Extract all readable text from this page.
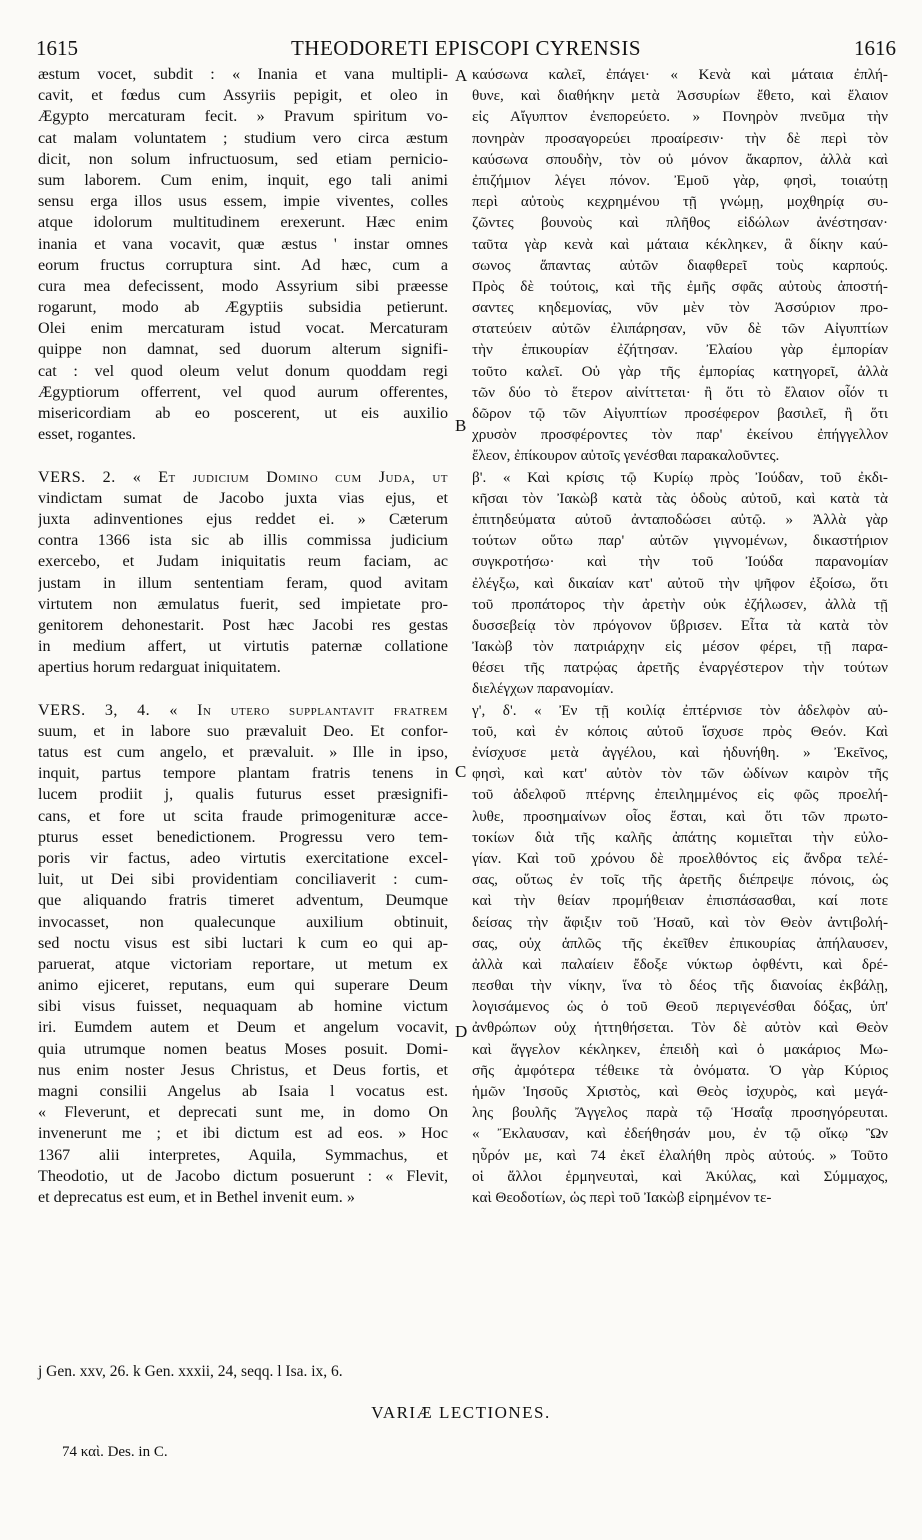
1615	THEODORETI EPISCOPI CYRENSIS	1616
æstum vocet, subdit : « Inania et vana multipli-
cavit, et fœdus cum Assyriis pepigit, et oleo in
Ægypto mercaturam fecit. » Pravum spiritum vo-
cat malam voluntatem ; studium vero circa æstum
dicit, non solum infructuosum, sed etiam pernicio-
sum laborem. Cum enim, inquit, ego tali animi
sensu erga illos usus essem, impie viventes, colles
atque idolorum multitudinem erexerunt. Hæc enim
inania et vana vocavit, quæ æstus ' instar omnes
eorum fructus corruptura sint. Ad hæc, cum a
cura mea defecissent, modo Assyrium sibi præesse
rogarunt, modo ab Ægyptiis subsidia petierunt.
Olei enim mercaturam istud vocat. Mercaturam
quippe non damnat, sed duorum alterum signifi-
cat : vel quod oleum velut donum quoddam regi
Ægyptiorum offerrent, vel quod aurum offerentes,
misericordiam ab eo poscerent, ut eis auxilio
esset, rogantes.
VERS. 2. « Et judicium Domino cum Juda, ut
vindictam sumat de Jacobo juxta vias ejus, et
juxta adinventiones ejus reddet ei. » Cæterum
contra 1366 ista sic ab illis commissa judicium
exercebo, et Judam iniquitatis reum faciam, ac
justam in illum sententiam feram, quod avitam
virtutem non æmulatus fuerit, sed impietate pro-
genitorem dehonestarit. Post hæc Jacobi res gestas
in medium affert, ut virtutis paternæ collatione
apertius horum redarguat iniquitatem.
VERS. 3, 4. « In utero supplantavit fratrem
suum, et in labore suo prævaluit Deo. Et confor-
tatus est cum angelo, et prævaluit. » Ille in ipso,
inquit, partus tempore plantam fratris tenens in
lucem prodiit j, qualis futurus esset præsignifi-
cans, et fore ut scita fraude primogenituræ acce-
pturus esset benedictionem. Progressu vero tem-
poris vir factus, adeo virtutis exercitatione excel-
luit, ut Dei sibi providentiam conciliaverit : cum-
que aliquando fratris timeret adventum, Deumque
invocasset, non qualecunque auxilium obtinuit,
sed noctu visus est sibi luctari k cum eo qui ap-
paruerat, atque victoriam reportare, ut metum ex
animo ejiceret, reputans, eum qui superare Deum
sibi visus fuisset, nequaquam ab homine victum
iri. Eumdem autem et Deum et angelum vocavit,
quia utrumque nomen beatus Moses posuit. Domi-
nus enim noster Jesus Christus, et Deus fortis, et
magni consilii Angelus ab Isaia l vocatus est.
« Fleverunt, et deprecati sunt me, in domo On
invenerunt me ; et ibi dictum est ad eos. » Hoc
1367 alii interpretes, Aquila, Symmachus, et
Theodotio, ut de Jacobo dictum posuerunt : « Flevit,
et deprecatus est eum, et in Bethel invenit eum. »
καύσωνα καλεῖ, ἐπάγει· « Κενὰ καὶ μάταια ἐπλή-
θυνε, καὶ διαθήκην μετὰ Ἀσσυρίων ἔθετο, καὶ ἔλαιον
εἰς Αἴγυπτον ἐνεπορεύετο. » Πονηρὸν πνεῦμα τὴν
πονηρὰν προσαγορεύει προαίρεσιν· τὴν δὲ περὶ τὸν
καύσωνα σπουδὴν, τὸν οὐ μόνον ἄκαρπον, ἀλλὰ καὶ
ἐπιζήμιον λέγει πόνον. Ἐμοῦ γὰρ, φησὶ, τοιαύτῃ
περὶ αὐτοὺς κεχρημένου τῇ γνώμῃ, μοχθηρίᾳ συ-
ζῶντες βουνοὺς καὶ πλῆθος εἰδώλων ἀνέστησαν·
ταῦτα γὰρ κενὰ καὶ μάταια κέκληκεν, ἃ δίκην καύ-
σωνος ἅπαντας αὐτῶν διαφθερεῖ τοὺς καρπούς.
Πρὸς δὲ τούτοις, καὶ τῆς ἐμῆς σφᾶς αὐτοὺς ἀποστή-
σαντες κηδεμονίας, νῦν μὲν τὸν Ἀσσύριον προ-
στατεύειν αὐτῶν ἐλιπάρησαν, νῦν δὲ τῶν Αἰγυπτίων
τὴν ἐπικουρίαν ἐζήτησαν. Ἐλαίου γὰρ ἐμπορίαν
τοῦτο καλεῖ. Οὐ γὰρ τῆς ἐμπορίας κατηγορεῖ, ἀλλὰ
τῶν δύο τὸ ἕτερον αἰνίττεται· ἢ ὅτι τὸ ἔλαιον οἷόν τι
δῶρον τῷ τῶν Αἰγυπτίων προσέφερον βασιλεῖ, ἢ ὅτι
χρυσὸν προσφέροντες τὸν παρ' ἐκείνου ἐπήγγελλον
ἔλεον, ἐπίκουρον αὐτοῖς γενέσθαι παρακαλοῦντες.
β'. « Καὶ κρίσις τῷ Κυρίῳ πρὸς Ἰούδαν, τοῦ ἐκδι-
κῆσαι τὸν Ἰακὼβ κατὰ τὰς ὁδοὺς αὐτοῦ, καὶ κατὰ τὰ
ἐπιτηδεύματα αὐτοῦ ἀνταποδώσει αὐτῷ. » Ἀλλὰ γὰρ
τούτων οὕτω παρ' αὐτῶν γιγνομένων, δικαστήριον
συγκροτήσω· καὶ τὴν τοῦ Ἰούδα παρανομίαν
ἐλέγξω, καὶ δικαίαν κατ' αὐτοῦ τὴν ψῆφον ἐξοίσω, ὅτι
τοῦ προπάτορος τὴν ἀρετὴν οὐκ ἐζήλωσεν, ἀλλὰ τῇ
δυσσεβείᾳ τὸν πρόγονον ὕβρισεν. Εἶτα τὰ κατὰ τὸν
Ἰακὼβ τὸν πατριάρχην εἰς μέσον φέρει, τῇ παρα-
θέσει τῆς πατρῴας ἀρετῆς ἐναργέστερον τὴν τούτων
διελέγχων παρανομίαν.
γ', δ'. « Ἐν τῇ κοιλίᾳ ἐπτέρνισε τὸν ἀδελφὸν αὐ-
τοῦ, καὶ ἐν κόποις αὐτοῦ ἴσχυσε πρὸς Θεόν. Καὶ
ἐνίσχυσε μετὰ ἀγγέλου, καὶ ἠδυνήθη. » Ἐκεῖνος,
φησὶ, καὶ κατ' αὐτὸν τὸν τῶν ὠδίνων καιρὸν τῆς
τοῦ ἀδελφοῦ πτέρνης ἐπειλημμένος εἰς φῶς προελή-
λυθε, προσημαίνων οἷος ἔσται, καὶ ὅτι τῶν πρωτο-
τοκίων διὰ τῆς καλῆς ἀπάτης κομιεῖται τὴν εὐλο-
γίαν. Καὶ τοῦ χρόνου δὲ προελθόντος εἰς ἄνδρα τελέ-
σας, οὕτως ἐν τοῖς τῆς ἀρετῆς διέπρεψε πόνοις, ὡς
καὶ τὴν θείαν προμήθειαν ἐπισπάσασθαι, καί ποτε
δείσας τὴν ἄφιξιν τοῦ Ἠσαῦ, καὶ τὸν Θεὸν ἀντιβολή-
σας, οὐχ ἁπλῶς τῆς ἐκεῖθεν ἐπικουρίας ἀπήλαυσεν,
ἀλλὰ καὶ παλαίειν ἔδοξε νύκτωρ ὀφθέντι, καὶ δρέ-
πεσθαι τὴν νίκην, ἵνα τὸ δέος τῆς διανοίας ἐκβάλῃ,
λογισάμενος ὡς ὁ τοῦ Θεοῦ περιγενέσθαι δόξας, ὑπ'
ἀνθρώπων οὐχ ἡττηθήσεται. Τὸν δὲ αὐτὸν καὶ Θεὸν
καὶ ἄγγελον κέκληκεν, ἐπειδὴ καὶ ὁ μακάριος Μω-
σῆς ἀμφότερα τέθεικε τὰ ὀνόματα. Ὁ γὰρ Κύριος
ἡμῶν Ἰησοῦς Χριστὸς, καὶ Θεὸς ἰσχυρὸς, καὶ μεγά-
λης βουλῆς Ἄγγελος παρὰ τῷ Ἡσαΐᾳ προσηγόρευται.
« Ἔκλαυσαν, καὶ ἐδεήθησάν μου, ἐν τῷ οἴκῳ Ὢν
ηὗρόν με, καὶ 74 ἐκεῖ ἐλαλήθη πρὸς αὐτούς. » Τοῦτο
οἱ ἄλλοι ἑρμηνευταὶ, καὶ Ἀκύλας, καὶ Σύμμαχος,
καὶ Θεοδοτίων, ὡς περὶ τοῦ Ἰακὼβ εἰρημένον τε-
A
B
C
D
j Gen. xxv, 26. k Gen. xxxii, 24, seqq. l Isa. ix, 6.
VARIÆ LECTIONES.
74 καὶ. Des. in C.
